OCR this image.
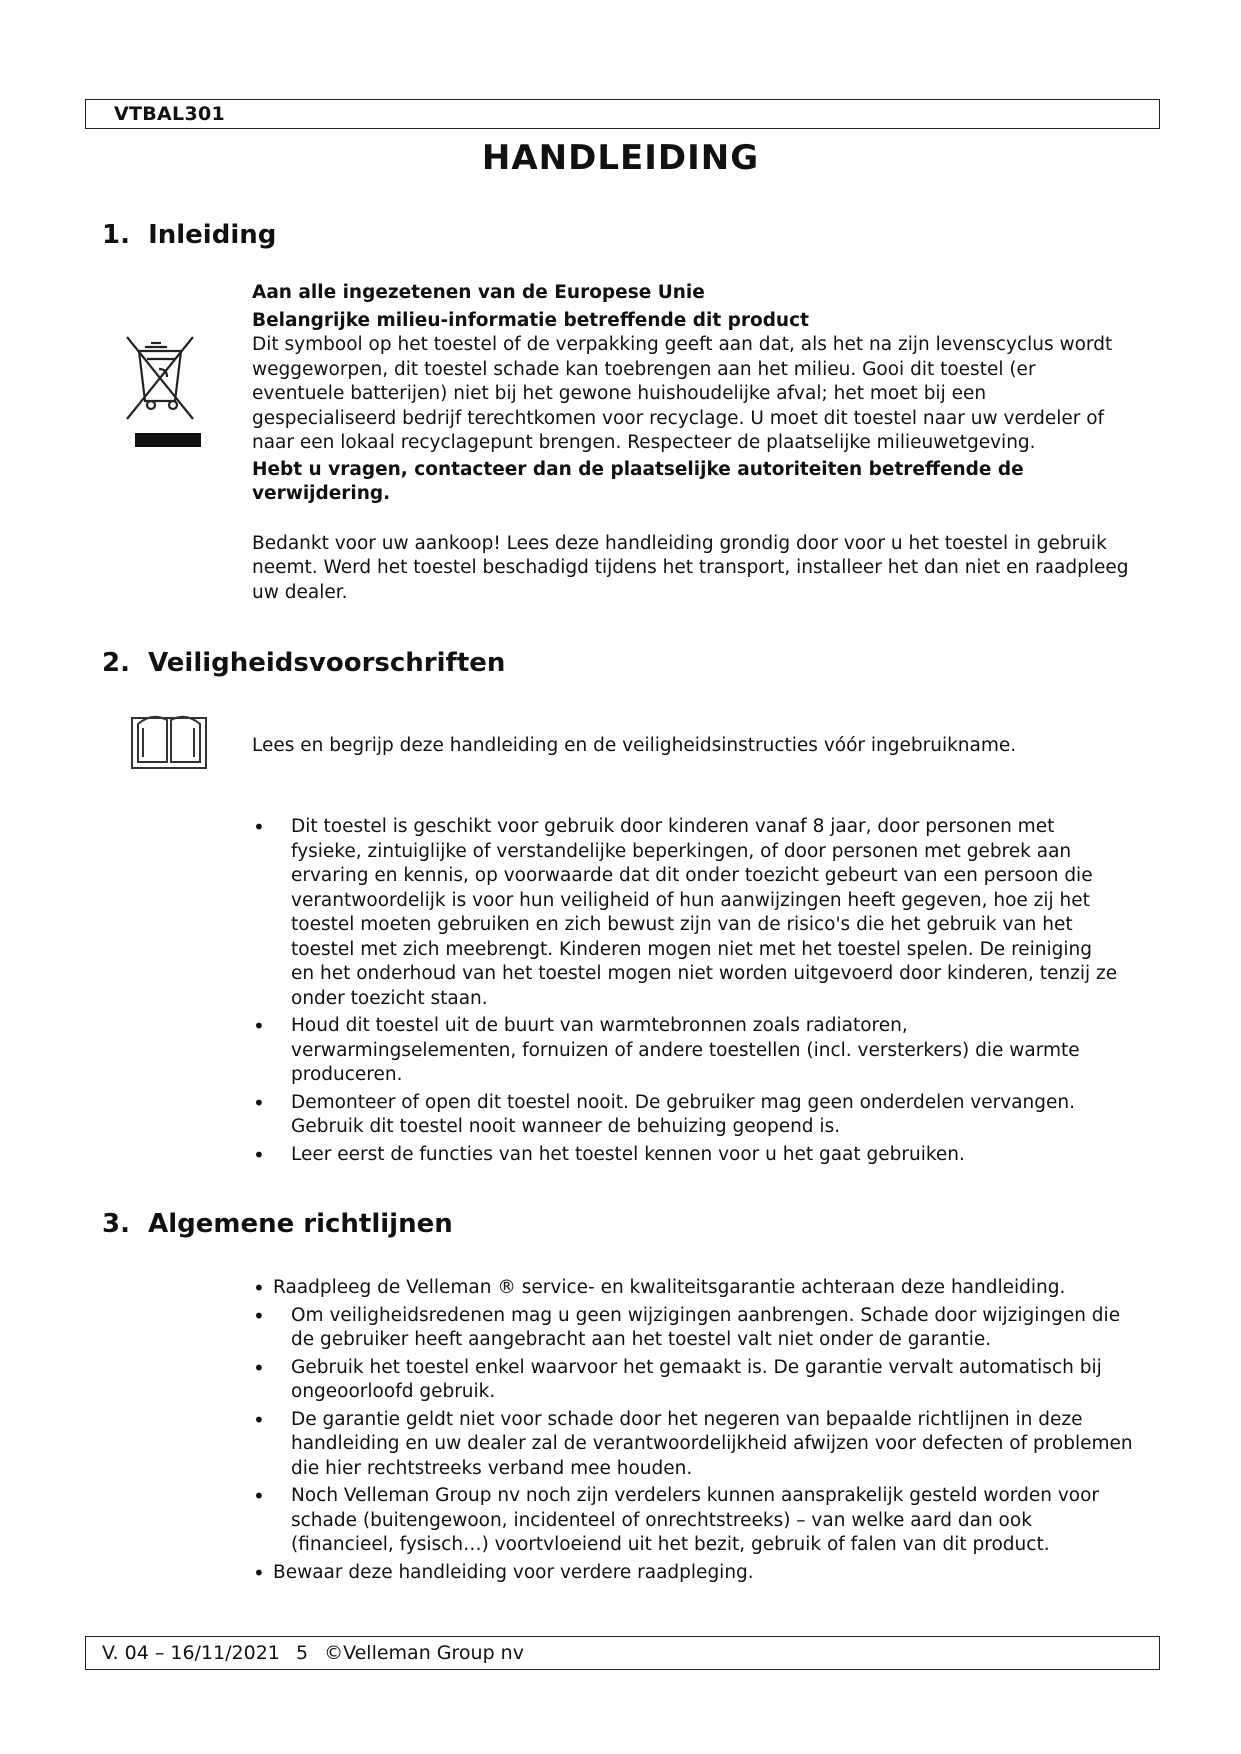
VTBAL301
HANDLEIDING
1.  Inleiding
Aan alle ingezetenen van de Europese Unie
Belangrijke milieu-informatie betreffende dit product
Dit symbool op het toestel of de verpakking geeft aan dat, als het na zijn levenscyclus wordt weggeworpen, dit toestel schade kan toebrengen aan het milieu. Gooi dit toestel (er eventuele batterijen) niet bij het gewone huishoudelijke afval; het moet bij een gespecialiseerd bedrijf terechtkomen voor recyclage. U moet dit toestel naar uw verdeler of naar een lokaal recyclagepunt brengen. Respecteer de plaatselijke milieuwetgeving.
Hebt u vragen, contacteer dan de plaatselijke autoriteiten betreffende de verwijdering.
Bedankt voor uw aankoop! Lees deze handleiding grondig door voor u het toestel in gebruik neemt. Werd het toestel beschadigd tijdens het transport, installeer het dan niet en raadpleeg uw dealer.
2.  Veiligheidsvoorschriften
Lees en begrijp deze handleiding en de veiligheidsinstructies vóór ingebruikname.
• Dit toestel is geschikt voor gebruik door kinderen vanaf 8 jaar, door personen met fysieke, zintuiglijke of verstandelijke beperkingen, of door personen met gebrek aan ervaring en kennis, op voorwaarde dat dit onder toezicht gebeurt van een persoon die verantwoordelijk is voor hun veiligheid of hun aanwijzingen heeft gegeven, hoe zij het toestel moeten gebruiken en zich bewust zijn van de risico's die het gebruik van het toestel met zich meebrengt. Kinderen mogen niet met het toestel spelen. De reiniging en het onderhoud van het toestel mogen niet worden uitgevoerd door kinderen, tenzij ze onder toezicht staan.
• Houd dit toestel uit de buurt van warmtebronnen zoals radiatoren, verwarmingselementen, fornuizen of andere toestellen (incl. versterkers) die warmte produceren.
• Demonteer of open dit toestel nooit. De gebruiker mag geen onderdelen vervangen. Gebruik dit toestel nooit wanneer de behuizing geopend is.
• Leer eerst de functies van het toestel kennen voor u het gaat gebruiken.
3.  Algemene richtlijnen
• Raadpleeg de Velleman ® service- en kwaliteitsgarantie achteraan deze handleiding.
• Om veiligheidsredenen mag u geen wijzigingen aanbrengen. Schade door wijzigingen die de gebruiker heeft aangebracht aan het toestel valt niet onder de garantie.
• Gebruik het toestel enkel waarvoor het gemaakt is. De garantie vervalt automatisch bij ongeoorloofd gebruik.
• De garantie geldt niet voor schade door het negeren van bepaalde richtlijnen in deze handleiding en uw dealer zal de verantwoordelijkheid afwijzen voor defecten of problemen die hier rechtstreeks verband mee houden.
• Noch Velleman Group nv noch zijn verdelers kunnen aansprakelijk gesteld worden voor schade (buitengewoon, incidenteel of onrechtstreeks) – van welke aard dan ook (financieel, fysisch…) voortvloeiend uit het bezit, gebruik of falen van dit product.
• Bewaar deze handleiding voor verdere raadpleging.
V. 04 – 16/11/2021 5 ©Velleman Group nv
